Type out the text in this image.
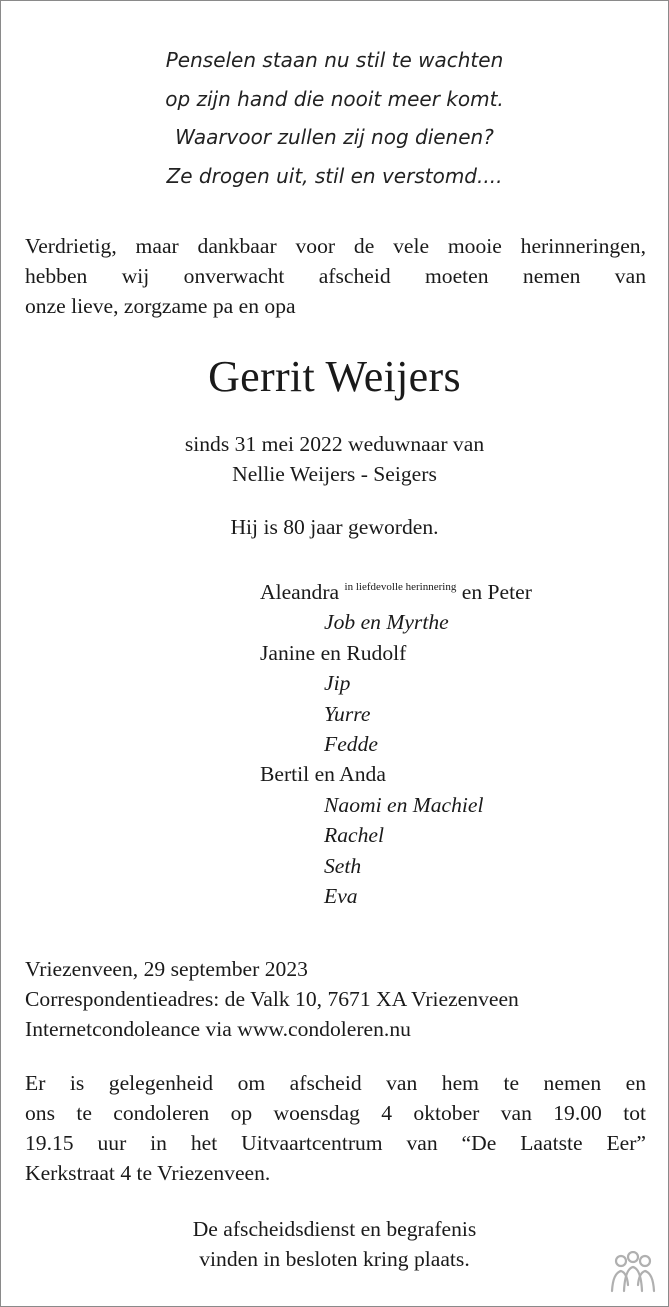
Penselen staan nu stil te wachten
op zijn hand die nooit meer komt.
Waarvoor zullen zij nog dienen?
Ze drogen uit, stil en verstomd....
Verdrietig, maar dankbaar voor de vele mooie herinneringen,
hebben wij onverwacht afscheid moeten nemen van
onze lieve, zorgzame pa en opa
Gerrit Weijers
sinds 31 mei 2022 weduwnaar van
Nellie Weijers - Seigers
Hij is 80 jaar geworden.
Aleandra $^{in liefdevolle herinnering}$ en Peter
Job en Myrthe
Janine en Rudolf
Jip
Yurre
Fedde
Bertil en Anda
Naomi en Machiel
Rachel
Seth
Eva
Vriezenveen, 29 september 2023
Correspondentieadres: de Valk 10, 7671 XA Vriezenveen
Internetcondoleance via www.condoleren.nu
Er is gelegenheid om afscheid van hem te nemen en
ons te condoleren op woensdag 4 oktober van 19.00 tot
19.15 uur in het Uitvaartcentrum van “De Laatste Eer”
Kerkstraat 4 te Vriezenveen.
De afscheidsdienst en begrafenis
vinden in besloten kring plaats.
